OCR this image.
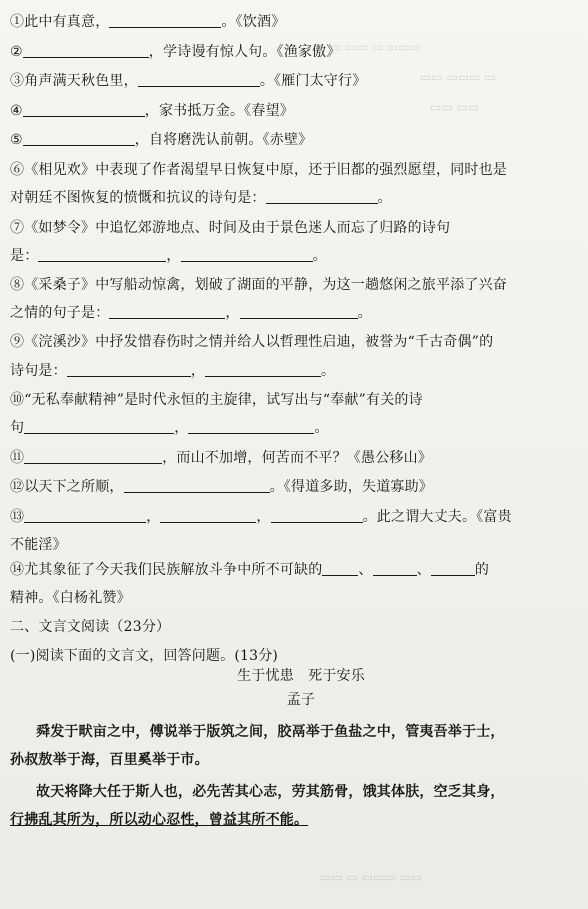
▭ ▭▭ ▭ ▭▭▭
▭▭ ▭▭▭ ▭
▭▭ ▭▭
①此中有真意，	。《饮酒》
②	，学诗谩有惊人句。《渔家傲》
③角声满天秋色里，	。《雁门太守行》
④	，家书抵万金。《春望》
⑤	，自将磨洗认前朝。《赤壁》
⑥《相见欢》中表现了作者渴望早日恢复中原，还于旧都的强烈愿望，同时也是
对朝廷不图恢复的愤慨和抗议的诗句是：	。
⑦《如梦令》中追忆郊游地点、时间及由于景色迷人而忘了归路的诗句
是：	，	。
⑧《采桑子》中写船动惊禽，划破了湖面的平静，为这一趟悠闲之旅平添了兴奋
之情的句子是：	，	。
⑨《浣溪沙》中抒发惜春伤时之情并给人以哲理性启迪，被誉为“千古奇偶”的
诗句是：	，	。
⑩“无私奉献精神”是时代永恒的主旋律，试写出与“奉献”有关的诗
句	，	。
⑪	，而山不加增，何苦而不平？《愚公移山》
⑫以天下之所顺，	。《得道多助，失道寡助》
⑬	，	，	。此之谓大丈夫。《富贵
不能淫》
⑭尤其象征了今天我们民族解放斗争中所不可缺的	、	、	的
精神。《白杨礼赞》
二、文言文阅读（23分）
(一)阅读下面的文言文，回答问题。(13分)
生于忧患　死于安乐
孟子
舜发于畎亩之中，傅说举于版筑之间，胶鬲举于鱼盐之中，管夷吾举于士，
孙叔敖举于海，百里奚举于市。
故天将降大任于斯人也，必先苦其心志，劳其筋骨，饿其体肤，空乏其身，
行拂乱其所为，所以动心忍性，曾益其所不能。
▭▭ ▭ ▭▭▭ ▭▭
